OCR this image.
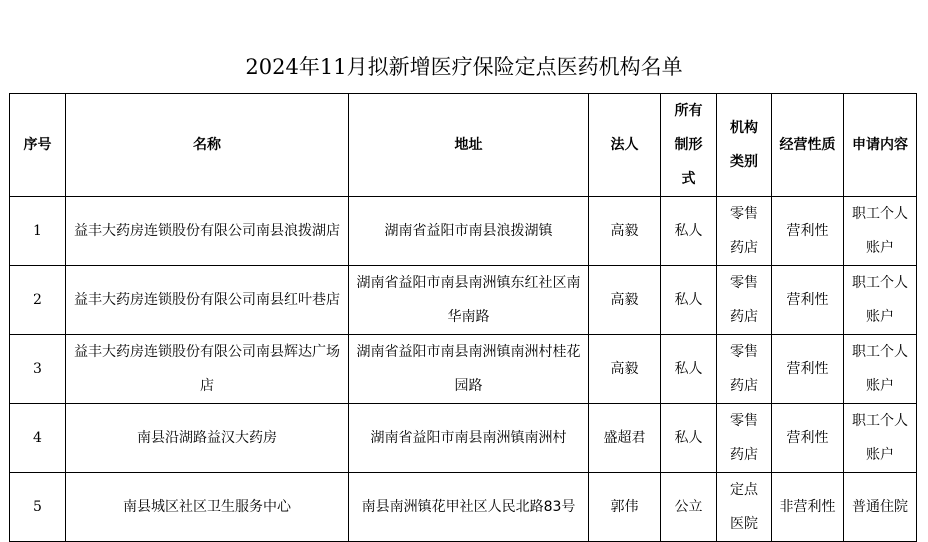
2024年11月拟新增医疗保险定点医药机构名单
序号	名称	地址	法人	所有制形式	机构类别	经营性质	申请内容
1	益丰大药房连锁股份有限公司南县浪拨湖店	湖南省益阳市南县浪拨湖镇	高毅	私人	零售药店	营利性	职工个人账户
2	益丰大药房连锁股份有限公司南县红叶巷店	湖南省益阳市南县南洲镇东红社区南华南路	高毅	私人	零售药店	营利性	职工个人账户
3	益丰大药房连锁股份有限公司南县辉达广场店	湖南省益阳市南县南洲镇南洲村桂花园路	高毅	私人	零售药店	营利性	职工个人账户
4	南县沿湖路益汉大药房	湖南省益阳市南县南洲镇南洲村	盛超君	私人	零售药店	营利性	职工个人账户
5	南县城区社区卫生服务中心	南县南洲镇花甲社区人民北路83号	郭伟	公立	定点医院	非营利性	普通住院
